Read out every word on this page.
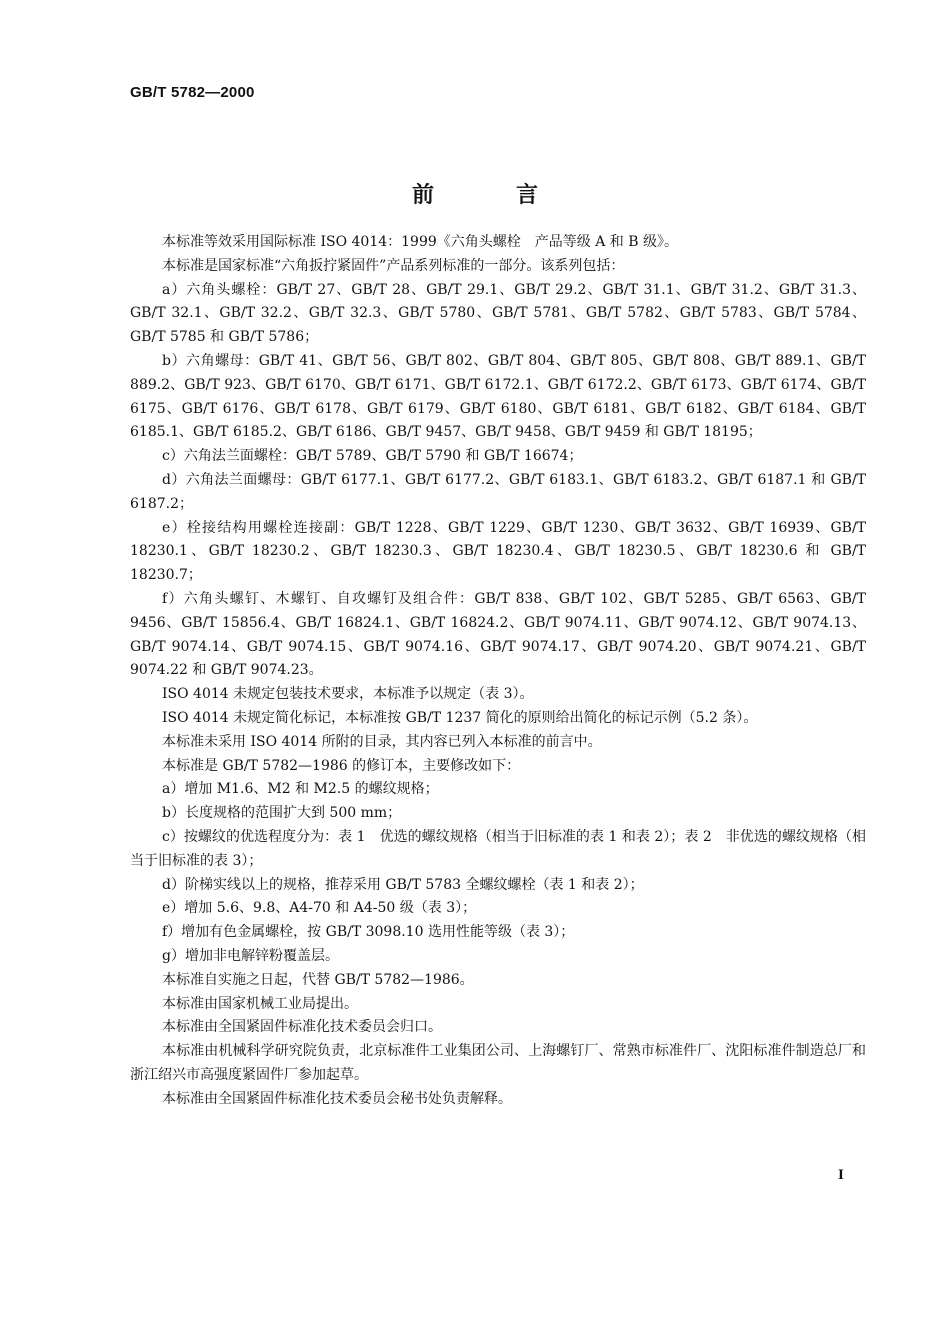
GB/T 5782—2000
前言

本标准等效采用国际标准 ISO 4014：1999《六角头螺栓　产品等级 A 和 B 级》。

本标准是国家标准“六角扳拧紧固件”产品系列标准的一部分。该系列包括：

a）六角头螺栓：GB/T 27、GB/T 28、GB/T 29.1、GB/T 29.2、GB/T 31.1、GB/T 31.2、GB/T 31.3、GB/T 32.1、GB/T 32.2、GB/T 32.3、GB/T 5780、GB/T 5781、GB/T 5782、GB/T 5783、GB/T 5784、GB/T 5785 和 GB/T 5786；

b）六角螺母：GB/T 41、GB/T 56、GB/T 802、GB/T 804、GB/T 805、GB/T 808、GB/T 889.1、GB/T 889.2、GB/T 923、GB/T 6170、GB/T 6171、GB/T 6172.1、GB/T 6172.2、GB/T 6173、GB/T 6174、GB/T 6175、GB/T 6176、GB/T 6178、GB/T 6179、GB/T 6180、GB/T 6181、GB/T 6182、GB/T 6184、GB/T 6185.1、GB/T 6185.2、GB/T 6186、GB/T 9457、GB/T 9458、GB/T 9459 和 GB/T 18195；

c）六角法兰面螺栓：GB/T 5789、GB/T 5790 和 GB/T 16674；

d）六角法兰面螺母：GB/T 6177.1、GB/T 6177.2、GB/T 6183.1、GB/T 6183.2、GB/T 6187.1 和 GB/T 6187.2；

e）栓接结构用螺栓连接副：GB/T 1228、GB/T 1229、GB/T 1230、GB/T 3632、GB/T 16939、GB/T 18230.1、GB/T 18230.2、GB/T 18230.3、GB/T 18230.4、GB/T 18230.5、GB/T 18230.6 和 GB/T 18230.7；

f）六角头螺钉、木螺钉、自攻螺钉及组合件：GB/T 838、GB/T 102、GB/T 5285、GB/T 6563、GB/T 9456、GB/T 15856.4、GB/T 16824.1、GB/T 16824.2、GB/T 9074.11、GB/T 9074.12、GB/T 9074.13、GB/T 9074.14、GB/T 9074.15、GB/T 9074.16、GB/T 9074.17、GB/T 9074.20、GB/T 9074.21、GB/T 9074.22 和 GB/T 9074.23。

ISO 4014 未规定包装技术要求，本标准予以规定（表 3）。

ISO 4014 未规定简化标记，本标准按 GB/T 1237 简化的原则给出简化的标记示例（5.2 条）。

本标准未采用 ISO 4014 所附的目录，其内容已列入本标准的前言中。

本标准是 GB/T 5782—1986 的修订本，主要修改如下：

a）增加 M1.6、M2 和 M2.5 的螺纹规格；

b）长度规格的范围扩大到 500 mm；

c）按螺纹的优选程度分为：表 1　优选的螺纹规格（相当于旧标准的表 1 和表 2）；表 2　非优选的螺纹规格（相当于旧标准的表 3）；

d）阶梯实线以上的规格，推荐采用 GB/T 5783 全螺纹螺栓（表 1 和表 2）；

e）增加 5.6、9.8、A4-70 和 A4-50 级（表 3）；

f）增加有色金属螺栓，按 GB/T 3098.10 选用性能等级（表 3）；

g）增加非电解锌粉覆盖层。

本标准自实施之日起，代替 GB/T 5782—1986。

本标准由国家机械工业局提出。

本标准由全国紧固件标准化技术委员会归口。

本标准由机械科学研究院负责，北京标准件工业集团公司、上海螺钉厂、常熟市标准件厂、沈阳标准件制造总厂和浙江绍兴市高强度紧固件厂参加起草。

本标准由全国紧固件标准化技术委员会秘书处负责解释。

I
